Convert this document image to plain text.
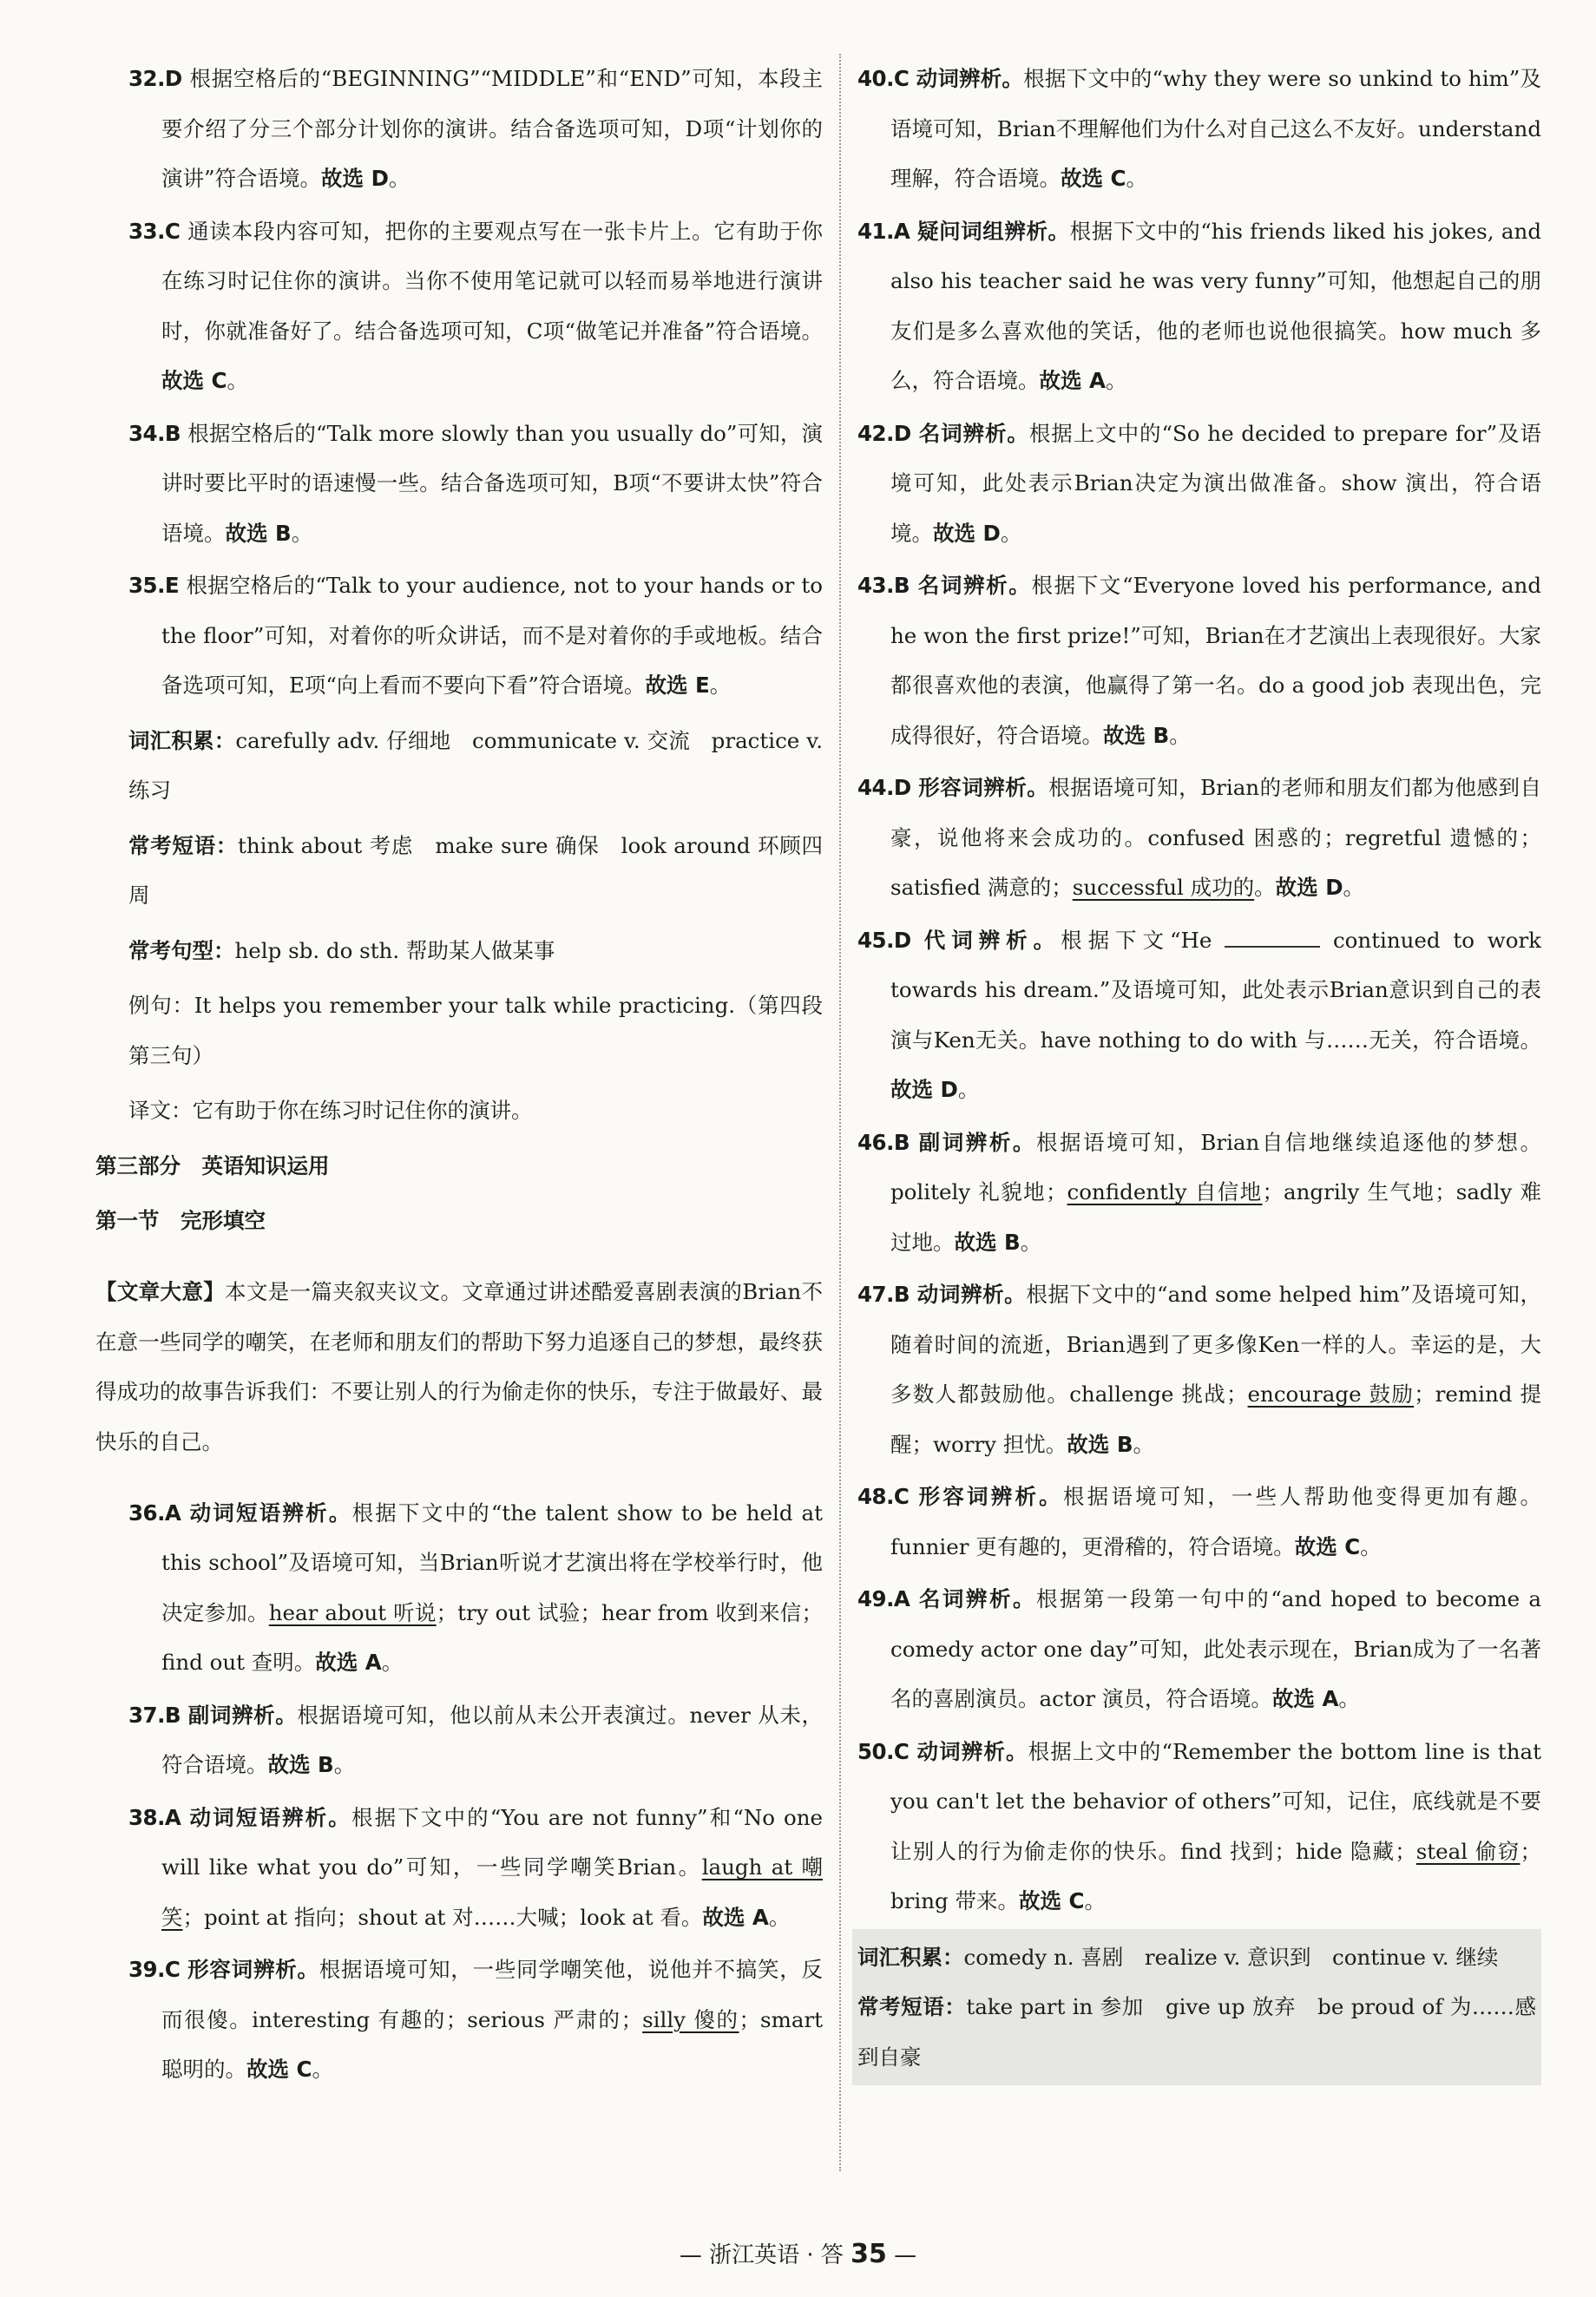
32.D 根据空格后的“BEGINNING”“MIDDLE”和“END”可知，本段主要介绍了分三个部分计划你的演讲。结合备选项可知，D项“计划你的演讲”符合语境。故选 D。

33.C 通读本段内容可知，把你的主要观点写在一张卡片上。它有助于你在练习时记住你的演讲。当你不使用笔记就可以轻而易举地进行演讲时，你就准备好了。结合备选项可知，C项“做笔记并准备”符合语境。故选 C。

34.B 根据空格后的“Talk more slowly than you usually do”可知，演讲时要比平时的语速慢一些。结合备选项可知，B项“不要讲太快”符合语境。故选 B。

35.E 根据空格后的“Talk to your audience, not to your hands or to the floor”可知，对着你的听众讲话，而不是对着你的手或地板。结合备选项可知，E项“向上看而不要向下看”符合语境。故选 E。

词汇积累：carefully adv. 仔细地　communicate v. 交流　practice v. 练习

常考短语：think about 考虑　make sure 确保　look around 环顾四周

常考句型：help sb. do sth. 帮助某人做某事

例句：It helps you remember your talk while practicing.（第四段第三句）

译文：它有助于你在练习时记住你的演讲。

第三部分　英语知识运用

第一节　完形填空

【文章大意】本文是一篇夹叙夹议文。文章通过讲述酷爱喜剧表演的Brian不在意一些同学的嘲笑，在老师和朋友们的帮助下努力追逐自己的梦想，最终获得成功的故事告诉我们：不要让别人的行为偷走你的快乐，专注于做最好、最快乐的自己。

36.A 动词短语辨析。根据下文中的“the talent show to be held at this school”及语境可知，当Brian听说才艺演出将在学校举行时，他决定参加。hear about 听说；try out 试验；hear from 收到来信；find out 查明。故选 A。

37.B 副词辨析。根据语境可知，他以前从未公开表演过。never 从未，符合语境。故选 B。

38.A 动词短语辨析。根据下文中的“You are not funny”和“No one will like what you do”可知，一些同学嘲笑Brian。laugh at 嘲笑；point at 指向；shout at 对……大喊；look at 看。故选 A。

39.C 形容词辨析。根据语境可知，一些同学嘲笑他，说他并不搞笑，反而很傻。interesting 有趣的；serious 严肃的；silly 傻的；smart 聪明的。故选 C。

40.C 动词辨析。根据下文中的“why they were so unkind to him”及语境可知，Brian不理解他们为什么对自己这么不友好。understand 理解，符合语境。故选 C。

41.A 疑问词组辨析。根据下文中的“his friends liked his jokes, and also his teacher said he was very funny”可知，他想起自己的朋友们是多么喜欢他的笑话，他的老师也说他很搞笑。how much 多么，符合语境。故选 A。

42.D 名词辨析。根据上文中的“So he decided to prepare for”及语境可知，此处表示Brian决定为演出做准备。show 演出，符合语境。故选 D。

43.B 名词辨析。根据下文“Everyone loved his performance, and he won the first prize!”可知，Brian在才艺演出上表现很好。大家都很喜欢他的表演，他赢得了第一名。do a good job 表现出色，完成得很好，符合语境。故选 B。

44.D 形容词辨析。根据语境可知，Brian的老师和朋友们都为他感到自豪，说他将来会成功的。confused 困惑的；regretful 遗憾的；satisfied 满意的；successful 成功的。故选 D。

45.D 代词辨析。根据下文“He	continued to work towards his dream.”及语境可知，此处表示Brian意识到自己的表演与Ken无关。have nothing to do with 与……无关，符合语境。故选 D。

46.B 副词辨析。根据语境可知，Brian自信地继续追逐他的梦想。politely 礼貌地；confidently 自信地；angrily 生气地；sadly 难过地。故选 B。

47.B 动词辨析。根据下文中的“and some helped him”及语境可知，随着时间的流逝，Brian遇到了更多像Ken一样的人。幸运的是，大多数人都鼓励他。challenge 挑战；encourage 鼓励；remind 提醒；worry 担忧。故选 B。

48.C 形容词辨析。根据语境可知，一些人帮助他变得更加有趣。funnier 更有趣的，更滑稽的，符合语境。故选 C。

49.A 名词辨析。根据第一段第一句中的“and hoped to become a comedy actor one day”可知，此处表示现在，Brian成为了一名著名的喜剧演员。actor 演员，符合语境。故选 A。

50.C 动词辨析。根据上文中的“Remember the bottom line is that you can't let the behavior of others”可知，记住，底线就是不要让别人的行为偷走你的快乐。find 找到；hide 隐藏；steal 偷窃；bring 带来。故选 C。

词汇积累：comedy n. 喜剧　realize v. 意识到　continue v. 继续

常考短语：take part in 参加　give up 放弃　be proud of 为……感到自豪

— 浙江英语 · 答 35 —
